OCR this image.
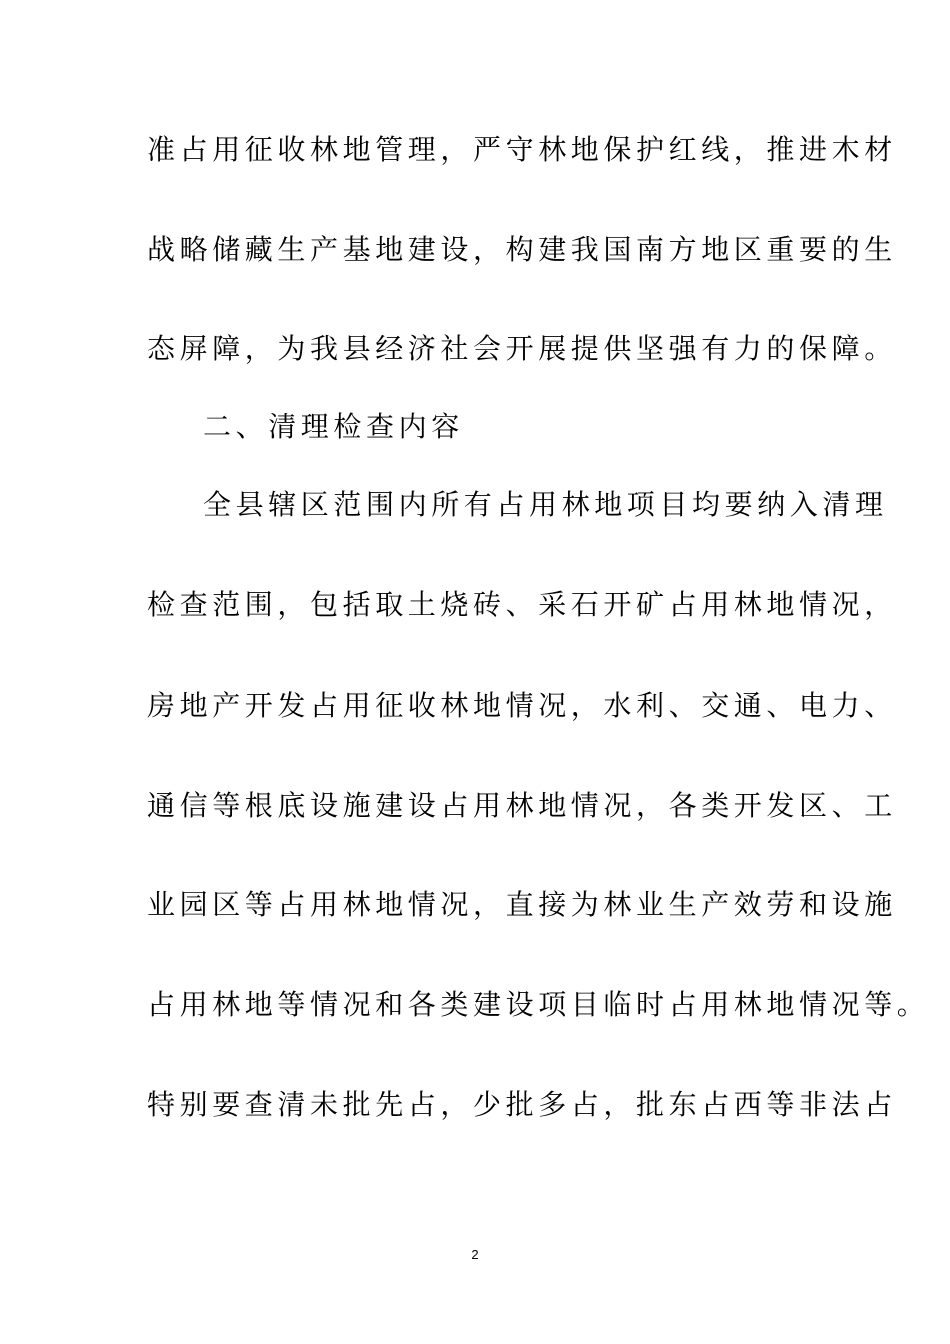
准占用征收林地管理，严守林地保护红线，推进木材
战略储藏生产基地建设，构建我国南方地区重要的生
态屏障，为我县经济社会开展提供坚强有力的保障。
二、清理检查内容
全县辖区范围内所有占用林地项目均要纳入清理
检查范围，包括取土烧砖、采石开矿占用林地情况，
房地产开发占用征收林地情况，水利、交通、电力、
通信等根底设施建设占用林地情况，各类开发区、工
业园区等占用林地情况，直接为林业生产效劳和设施
占用林地等情况和各类建设项目临时占用林地情况等。
特别要查清未批先占，少批多占，批东占西等非法占
2
